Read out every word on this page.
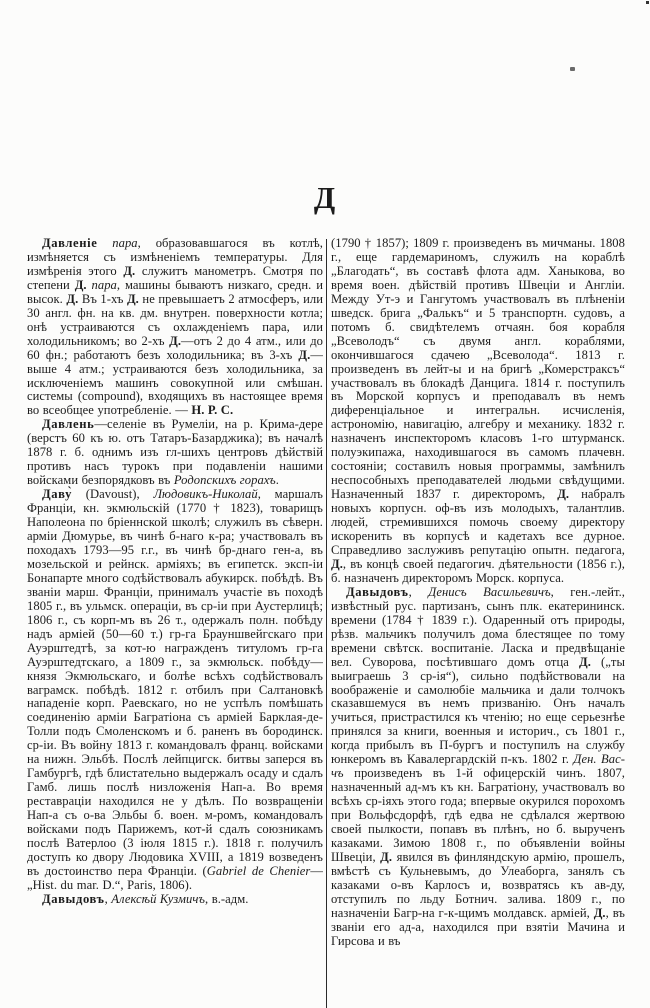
Д

Давленіе пара, образовавшагося въ котлѣ, измѣняется съ измѣненіемъ температуры. Для измѣренія этого Д. служитъ манометръ. Смотря по степени Д. пара, машины бываютъ низкаго, средн. и высок. Д. Въ 1-хъ Д. не превышаетъ 2 атмосферъ, или 30 англ. фн. на кв. дм. внутрен. поверхности котла; онѣ устраиваются съ охлажденіемъ пара, или холодильникомъ; во 2-хъ Д.—отъ 2 до 4 атм., или до 60 фн.; работаютъ безъ холодильника; въ 3-хъ Д.—выше 4 атм.; устраиваются безъ холодильника, за исключеніемъ машинъ совокупной или смѣшан. системы (compound), входящихъ въ настоящее время во всеобщее употребленіе. — Н. Р. С.

Давлень—селеніе въ Румеліи, на р. Крима-дере (верстъ 60 къ ю. отъ Татаръ-Базарджика); въ началѣ 1878 г. б. однимъ изъ гл-шихъ центровъ дѣйствій противъ насъ турокъ при подавленіи нашими войсками безпорядковъ въ Родопскихъ горахъ.

Даву̀ (Davoust), Людовикъ-Николай, маршалъ Франціи, кн. экмюльскій (1770 † 1823), товарищъ Наполеона по бріеннской школѣ; служилъ въ сѣверн. арміи Дюмурье, въ чинѣ б-наго к-ра; участвовалъ въ походахъ 1793—95 г.г., въ чинѣ бр-днаго ген-а, въ мозельской и рейнск. арміяхъ; въ египетск. эксп-іи Бонапарте много содѣйствовалъ абукирск. побѣдѣ. Въ званіи марш. Франціи, принималъ участіе въ походѣ 1805 г., въ ульмск. операціи, въ ср-іи при Аустерлицѣ; 1806 г., съ корп-мъ въ 26 т., одержалъ полн. побѣду надъ арміей (50—60 т.) гр-га Брауншвейгскаго при Ауэрштедтѣ, за кот-ю награжденъ титуломъ гр-га Ауэрштедтскаго, а 1809 г., за экмюльск. побѣду—князя Экмюльскаго, и болѣе всѣхъ содѣйствовалъ ваграмск. побѣдѣ. 1812 г. отбилъ при Салтановкѣ нападеніе корп. Раевскаго, но не успѣлъ помѣшать соединенію арміи Багратіона съ арміей Барклая-де-Толли подъ Смоленскомъ и б. раненъ въ бородинск. ср-іи. Въ войну 1813 г. командовалъ франц. войсками на нижн. Эльбѣ. Послѣ лейпцигск. битвы заперся въ Гамбургѣ, гдѣ блистательно выдержалъ осаду и сдалъ Гамб. лишь послѣ низложенія Нап-а. Во время реставраціи находился не у дѣлъ. По возвращеніи Нап-а съ о-ва Эльбы б. воен. м-ромъ, командовалъ войсками подъ Парижемъ, кот-й сдалъ союзникамъ послѣ Ватерлоо (3 іюля 1815 г.). 1818 г. получилъ доступъ ко двору Людовика XVIII, а 1819 возведенъ въ достоинство пера Франціи. (Gabriel de Chenier—„Hist. du mar. D.“, Paris, 1806).

Давыдовъ, Алексѣй Кузмичъ, в.-адм.

(1790 † 1857); 1809 г. произведенъ въ мичманы. 1808 г., еще гардемариномъ, служилъ на кораблѣ „Благодать“, въ составѣ флота адм. Ханыкова, во время воен. дѣйствій противъ Швеціи и Англіи. Между Ут-э и Гангутомъ участвовалъ въ плѣненіи шведск. брига „Фалькъ“ и 5 транспортн. судовъ, а потомъ б. свидѣтелемъ отчаян. боя корабля „Всеволодъ“ съ двумя англ. кораблями, окончившагося сдачею „Всеволода“. 1813 г. произведенъ въ лейт-ы и на бригѣ „Комерстраксъ“ участвовалъ въ блокадѣ Данцига. 1814 г. поступилъ въ Морской корпусъ и преподавалъ въ немъ диференціальное и интегральн. исчисленія, астрономію, навигацію, алгебру и механику. 1832 г. назначенъ инспекторомъ класовъ 1-го штурманск. полуэкипажа, находившагося въ самомъ плачевн. состояніи; составилъ новыя программы, замѣнилъ неспособныхъ преподавателей людьми свѣдущими. Назначенный 1837 г. директоромъ, Д. набралъ новыхъ корпусн. оф-въ изъ молодыхъ, талантлив. людей, стремившихся помочь своему директору искоренить въ корпусѣ и кадетахъ все дурное. Справедливо заслуживъ репутацію опытн. педагога, Д., въ концѣ своей педагогич. дѣятельности (1856 г.), б. назначенъ директоромъ Морск. корпуса.

Давыдовъ, Денисъ Васильевичъ, ген.-лейт., извѣстный рус. партизанъ, сынъ плк. екатерининск. времени (1784 † 1839 г.). Одаренный отъ природы, рѣзв. мальчикъ получилъ дома блестящее по тому времени свѣтск. воспитаніе. Ласка и предвѣщаніе вел. Суворова, посѣтившаго домъ отца Д. („ты выиграешь 3 ср-ія“), сильно подѣйствовали на воображеніе и самолюбіе мальчика и дали толчокъ сказавшемуся въ немъ призванію. Онъ началъ учиться, пристрастился къ чтенію; но еще серьезнѣе принялся за книги, военныя и историч., съ 1801 г., когда прибылъ въ П-бургъ и поступилъ на службу юнкеромъ въ Кавалергардскій п-къ. 1802 г. Ден. Вас-чъ произведенъ въ 1-й офицерскій чинъ. 1807, назначенный ад-мъ къ кн. Багратіону, участвовалъ во всѣхъ ср-іяхъ этого года; впервые окурился порохомъ при Вольфсдорфѣ, гдѣ едва не сдѣлался жертвою своей пылкости, попавъ въ плѣнъ, но б. вырученъ казаками. Зимою 1808 г., по объявленіи войны Швеціи, Д. явился въ финляндскую армію, прошелъ, вмѣстѣ съ Кульневымъ, до Улеаборга, занялъ съ казаками о-въ Карлосъ и, возвратясь къ ав-ду, отступилъ по льду Ботнич. залива. 1809 г., по назначеніи Багр-на г-к-щимъ молдавск. арміей, Д., въ званіи его ад-а, находился при взятіи Мачина и Гирсова и въ
